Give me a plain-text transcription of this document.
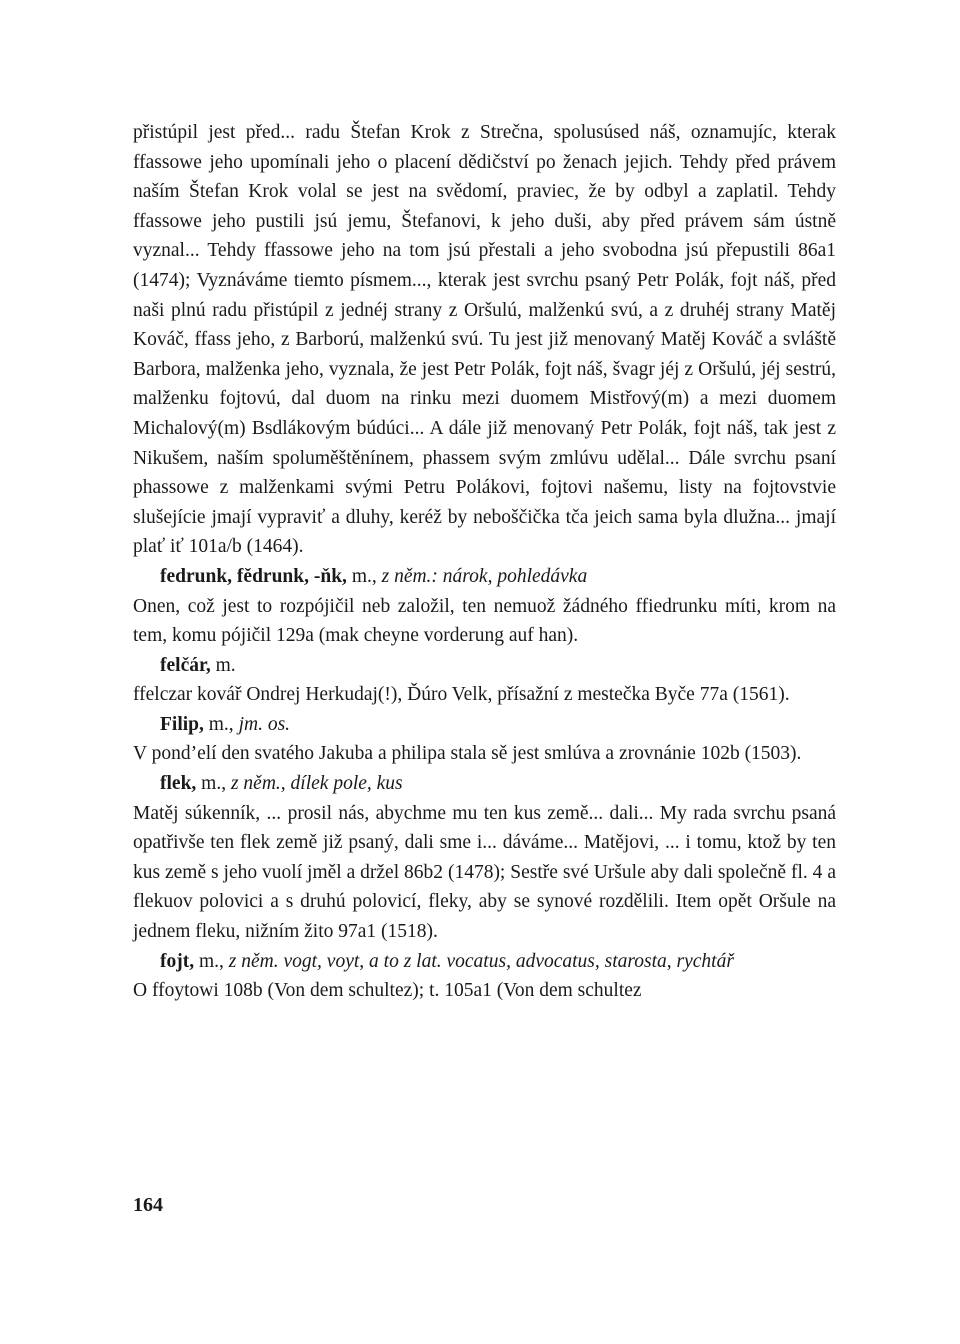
přistúpil jest před... radu Štefan Krok z Strečna, spolusúsed náš, oznamujíc, kterak ffassowe jeho upomínali jeho o placení dědičství po ženach jejich. Tehdy před právem naším Štefan Krok volal se jest na svědomí, praviec, že by odbyl a zaplatil. Tehdy ffassowe jeho pustili jsú jemu, Štefanovi, k jeho duši, aby před právem sám ústně vyznal... Tehdy ffassowe jeho na tom jsú přestali a jeho svobodna jsú přepustili 86a1 (1474); Vyznáváme tiemto písmem..., kterak jest svrchu psaný Petr Polák, fojt náš, před naši plnú radu přistúpil z jednéj strany z Oršulú, malženkú svú, a z druhéj strany Matěj Kováč, ffass jeho, z Barború, malženkú svú. Tu jest již menovaný Matěj Kováč a svláště Barbora, malženka jeho, vyznala, že jest Petr Polák, fojt náš, švagr jéj z Oršulú, jéj sestrú, malženku fojtovú, dal duom na rinku mezi duomem Mistřový(m) a mezi duomem Michalový(m) Bsdlákovým búdúci... A dále již menovaný Petr Polák, fojt náš, tak jest z Nikušem, naším spoluměštěnínem, phassem svým zmlúvu udělal... Dále svrchu psaní phassowe z malženkami svými Petru Polákovi, fojtovi našemu, listy na fojtovstvie slušejície jmají vypraviť a dluhy, keréž by neboščička tča jeich sama byla dlužna... jmají plať iť 101a/b (1464).

fedrunk, fědrunk, -ňk, m., z něm.: nárok, pohledávka

Onen, což jest to rozpójičil neb založil, ten nemuož žádného ffiedrunku míti, krom na tem, komu pójičil 129a (mak cheyne vorderung auf han).

felčár, m.

ffelczar kovář Ondrej Herkudaj(!), Ďúro Velk, přísažní z mestečka Byče 77a (1561).

Filip, m., jm. os.

V pond’elí den svatého Jakuba a philipa stala sě jest smlúva a zrovnánie 102b (1503).

flek, m., z něm., dílek pole, kus

Matěj súkenník, ... prosil nás, abychme mu ten kus země... dali... My rada svrchu psaná opatřivše ten flek země již psaný, dali sme i... dáváme... Matějovi, ... i tomu, ktož by ten kus země s jeho vuolí jměl a držel 86b2 (1478); Sestře své Uršule aby dali společně fl. 4 a flekuov polovici a s druhú polovicí, fleky, aby se synové rozdělili. Item opět Oršule na jednem fleku, nižním žito 97a1 (1518).

fojt, m., z něm. vogt, voyt, a to z lat. vocatus, advocatus, starosta, rychtář

O ffoytowi 108b (Von dem schultez); t. 105a1 (Von dem schultez

164
